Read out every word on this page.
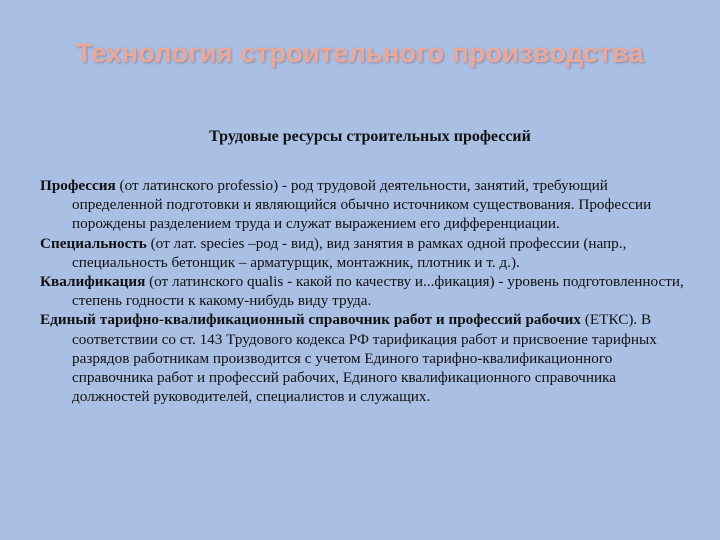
Технология строительного производства
Трудовые ресурсы строительных профессий

Профессия (от латинского professio) - род трудовой деятельности, занятий, требующий определенной подготовки и являющийся обычно источником существования. Профессии порождены разделением труда и служат выражением его дифференциации.

Специальность (от лат. species –род - вид), вид занятия в рамках одной профессии (напр., специальность бетонщик – арматурщик, монтажник, плотник и т. д.).

Квалификация (от латинского qualis - какой по качеству и...фикация) - уровень подготовленности, степень годности к какому-нибудь виду труда.

Единый тарифно-квалификационный справочник работ и профессий рабочих (ЕТКС). В соответствии со ст. 143 Трудового кодекса РФ тарификация работ и присвоение тарифных разрядов работникам производится с учетом Единого тарифно-квалификационного справочника работ и профессий рабочих, Единого квалификационного справочника должностей руководителей, специалистов и служащих.
